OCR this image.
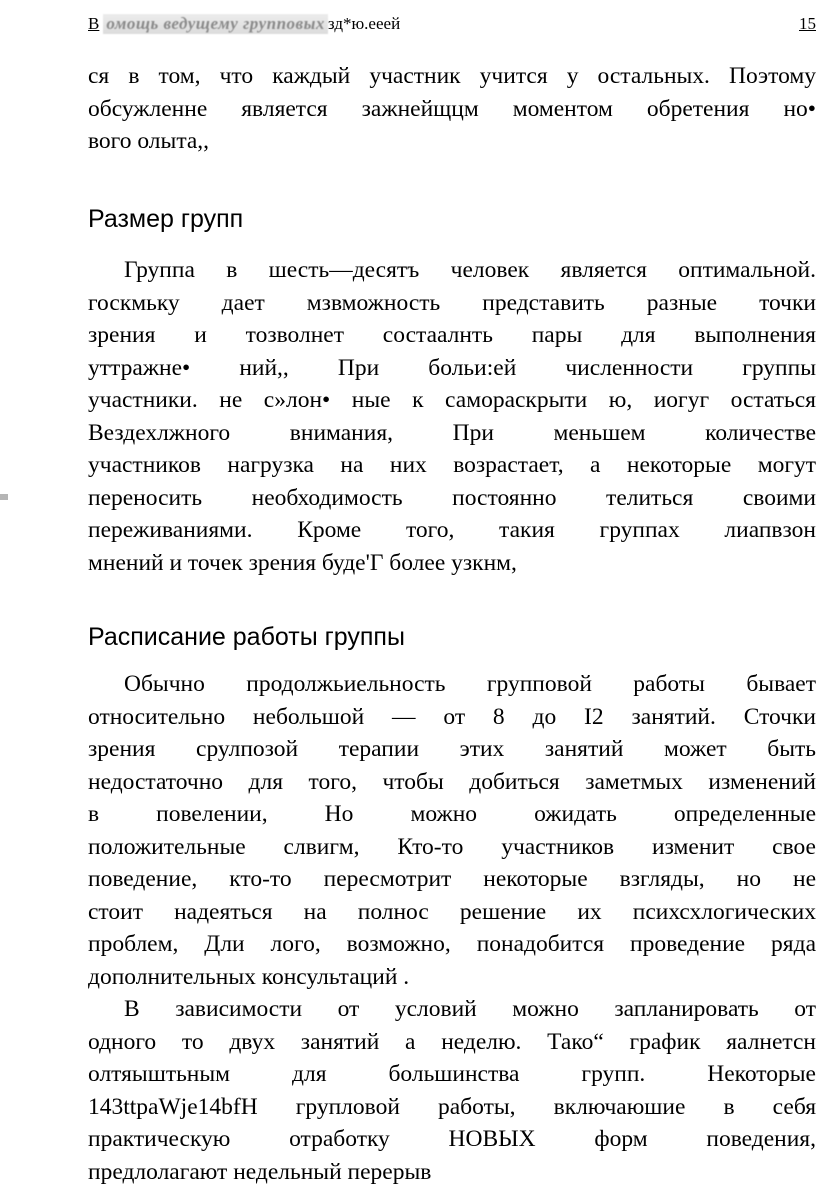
В омощь ведущему групповых зд*ю.ееей	15
ся в том, что каждый участник учится у остальных. Поэтому
обсужленне является зажнейщцм моментом обретения но•
вого олыта,,
Размер групп
Группа в шесть—десятъ человек является оптимальной.
госкмьку дает мзвможность представить разные точки
зрения и тозволнет состаалнть пары для выполнения
уттражне• ний,, При больи:ей численности группы
участники. не с»лон• ные к самораскрыти ю, иогуг остаться
Вездехлжного внимания, При меньшем количестве
участников нагрузка на них возрастает, а некоторые могут
переносить необходимость постоянно телиться своими
переживаниями. Кроме того, такия группах лиапвзон
мнений и точек зрения буде'Г более узкнм,
Расписание работы группы
Обычно продолжьиельность групповой работы бывает
относительно небольшой — от 8 до I2 занятий. Сточки
зрения срулпозой терапии этих занятий может быть
недостаточно для того, чтобы добиться заметмых изменений
в повелении, Но можно ожидать определенные
положительные слвигм, Кто-то участников изменит свое
поведение, кто-то пересмотрит некоторые взгляды, но не
стоит надеяться на полнос решение их психсхлогических
проблем, Дли лого, возможно, понадобится проведение ряда
дополнительных консультаций .
В зависимости от условий можно запланировать от
одного то двух занятий а неделю. Тако“ график яалнетсн
олтяыштьным для большинства групп. Некоторые
143ttpaWje14bfH груплoвой работы, включаюшие в себя
практическую отработку НОВЫХ форм поведения,
предлолагают недельный перерыв
